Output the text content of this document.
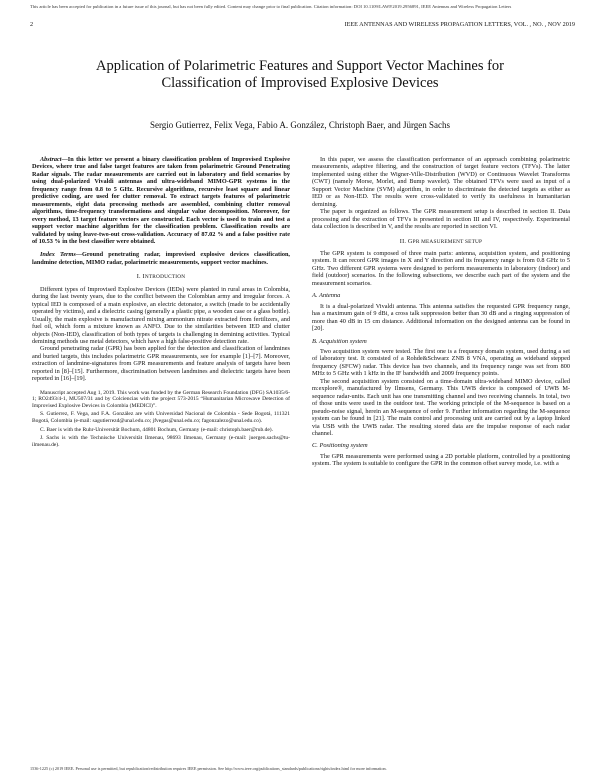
This article has been accepted for publication in a future issue of this journal, but has not been fully edited. Content may change prior to final publication. Citation information: DOI 10.1109/LAWP.2019.2956891, IEEE Antennas and Wireless Propagation Letters
2	IEEE ANTENNAS AND WIRELESS PROPAGATION LETTERS, VOL. , NO. , NOV 2019
Application of Polarimetric Features and Support Vector Machines for
Classification of Improvised Explosive Devices
Sergio Gutierrez, Felix Vega, Fabio A. González, Christoph Baer, and Jürgen Sachs

Abstract—In this letter we present a binary classification problem of Improvised Explosive Devices, where true and false target features are taken from polarimetric Ground Penetrating Radar signals. The radar measurements are carried out in laboratory and field scenarios by using dual-polarized Vivaldi antennas and ultra-wideband MIMO-GPR systems in the frequency range from 0.8 to 5 GHz. Recursive algorithms, recursive least square and linear predictive coding, are used for clutter removal. To extract targets features of polarimetric measurements, eight data processing methods are assembled, combining clutter removal algorithms, time-frequency transformations and singular value decomposition. Moreover, for every method, 13 target feature vectors are constructed. Each vector is used to train and test a support vector machine algorithm for the classification problem. Classification results are validated by using leave-two-out cross-validation. Accuracy of 87.02 % and a false positive rate of 10.53 % in the best classifier were obtained.

Index Terms—Ground penetrating radar, improvised explosive devices classification, landmine detection, MIMO radar, polarimetric measurements, support vector machines.

I. INTRODUCTION

Different types of Improvised Explosive Devices (IEDs) were planted in rural areas in Colombia, during the last twenty years, due to the conflict between the Colombian army and irregular forces. A typical IED is composed of a main explosive, an electric detonator, a switch (made to be accidentally operated by victims), and a dielectric casing (generally a plastic pipe, a wooden case or a glass bottle). Usually, the main explosive is manufactured mixing ammonium nitrate extracted from fertilizers, and fuel oil, which form a mixture known as ANFO. Due to the similarities between IED and clutter objects (Non-IED), classification of both types of targets is challenging in demining activities. Typical demining methods use metal detectors, which have a high false-positive detection rate.

Ground penetrating radar (GPR) has been applied for the detection and classification of landmines and buried targets, this includes polarimetric GPR measurements, see for example [1]–[7]. Moreover, extraction of landmine-signatures from GPR measurements and feature analysis of targets have been reported in [8]–[15]. Furthermore, discrimination between landmines and dielectric targets have been reported in [16]–[19].

Manuscript accepted Aug 1, 2019. This work was funded by the German Research Foundation (DFG) SA1035/6-1; RO2493/4-1, MU507/31 and by Colciencias with the project 573-2015 “Humanitarian Microwave Detection of Improvised Explosive Devices in Colombia (MEDICI)”.

S. Gutierrez, F. Vega, and F.A. González are with Universidad Nacional de Colombia - Sede Bogotá, 111321 Bogotá, Colombia (e-mail: sagutierrezd@unal.edu.co; jfvegas@unal.edu.co; fagonzalezo@unal.edu.co).

C. Baer is with the Ruhr-Universität Bochum, 44801 Bochum, Germany (e-mail: christoph.baer@rub.de).

J. Sachs is with the Technische Universität Ilmenau, 98693 Ilmenau, Germany (e-mail: juergen.sachs@tu-ilmenau.de).

In this paper, we assess the classification performance of an approach combining polarimetric measurements, adaptive filtering, and the construction of target feature vectors (TFVs). The latter implemented using either the Wigner-Ville-Distribution (WVD) or Continuous Wavelet Transforms (CWT) (namely Morse, Morlet, and Bump wavelet). The obtained TFVs were used as input of a Support Vector Machine (SVM) algorithm, in order to discriminate the detected targets as either as IED or as Non-IED. The results were cross-validated to verify its usefulness in humanitarian demining.

The paper is organized as follows. The GPR measurement setup is described in section II. Data processing and the extraction of TFVs is presented in section III and IV, respectively. Experimental data collection is described in V, and the results are reported in section VI.

II. GPR MEASUREMENT SETUP

The GPR system is composed of three main parts: antenna, acquisition system, and positioning system. It can record GPR images in X and Y direction and its frequency range is from 0.8 GHz to 5 GHz. Two different GPR systems were designed to perform measurements in laboratory (indoor) and field (outdoor) scenarios. In the following subsections, we describe each part of the system and the measurement scenarios.

A. Antenna

It is a dual-polarized Vivaldi antenna. This antenna satisfies the requested GPR frequency range, has a maximum gain of 9 dBi, a cross talk suppression better than 30 dB and a ringing suppression of more than 40 dB in 15 cm distance. Additional information on the designed antenna can be found in [20].

B. Acquisition system

Two acquisition system were tested. The first one is a frequency domain system, used during a set of laboratory test. It consisted of a Rohde&Schwarz ZNB 8 VNA, operating as wideband stepped frequency (SFCW) radar. This device has two channels, and its frequency range was set from 800 MHz to 5 GHz with 1 kHz in the IF bandwidth and 2009 frequency points.

The second acquisition system consisted on a time-domain ultra-wideband MIMO device, called m:explore®, manufactured by Ilmsens, Germany. This UWB device is composed of UWB M-sequence radar-units. Each unit has one transmitting channel and two receiving channels. In total, two of those units were used in the outdoor test. The working principle of the M-sequence is based on a pseudo-noise signal, herein an M-sequence of order 9. Further information regarding the M-sequence system can be found in [21]. The main control and processing unit are carried out by a laptop linked via USB with the UWB radar. The resulting stored data are the impulse response of each radar channel.

C. Positioning system

The GPR measurements were performed using a 2D portable platform, controlled by a positioning system. The system is suitable to configure the GPR in the common offset survey mode, i.e. with a

1536-1225 (c) 2019 IEEE. Personal use is permitted, but republication/redistribution requires IEEE permission. See http://www.ieee.org/publications_standards/publications/rights/index.html for more information.
